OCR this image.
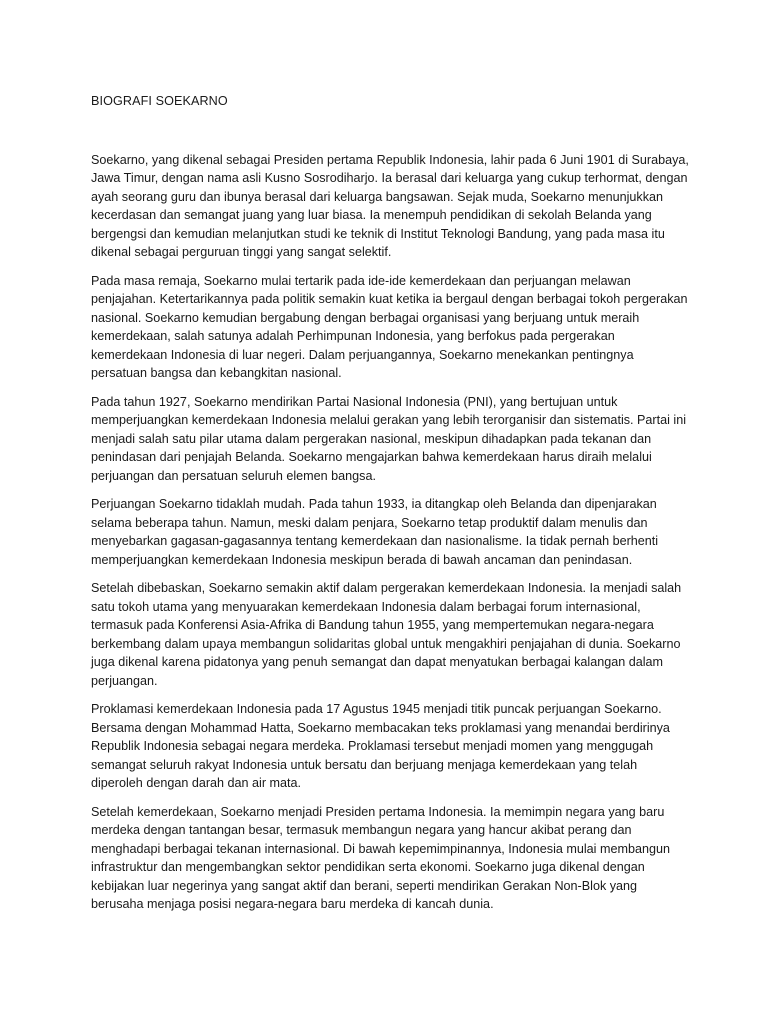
BIOGRAFI SOEKARNO

Soekarno, yang dikenal sebagai Presiden pertama Republik Indonesia, lahir pada 6 Juni 1901 di Surabaya, Jawa Timur, dengan nama asli Kusno Sosrodiharjo. Ia berasal dari keluarga yang cukup terhormat, dengan ayah seorang guru dan ibunya berasal dari keluarga bangsawan. Sejak muda, Soekarno menunjukkan kecerdasan dan semangat juang yang luar biasa. Ia menempuh pendidikan di sekolah Belanda yang bergengsi dan kemudian melanjutkan studi ke teknik di Institut Teknologi Bandung, yang pada masa itu dikenal sebagai perguruan tinggi yang sangat selektif.

Pada masa remaja, Soekarno mulai tertarik pada ide-ide kemerdekaan dan perjuangan melawan penjajahan. Ketertarikannya pada politik semakin kuat ketika ia bergaul dengan berbagai tokoh pergerakan nasional. Soekarno kemudian bergabung dengan berbagai organisasi yang berjuang untuk meraih kemerdekaan, salah satunya adalah Perhimpunan Indonesia, yang berfokus pada pergerakan kemerdekaan Indonesia di luar negeri. Dalam perjuangannya, Soekarno menekankan pentingnya persatuan bangsa dan kebangkitan nasional.

Pada tahun 1927, Soekarno mendirikan Partai Nasional Indonesia (PNI), yang bertujuan untuk memperjuangkan kemerdekaan Indonesia melalui gerakan yang lebih terorganisir dan sistematis. Partai ini menjadi salah satu pilar utama dalam pergerakan nasional, meskipun dihadapkan pada tekanan dan penindasan dari penjajah Belanda. Soekarno mengajarkan bahwa kemerdekaan harus diraih melalui perjuangan dan persatuan seluruh elemen bangsa.

Perjuangan Soekarno tidaklah mudah. Pada tahun 1933, ia ditangkap oleh Belanda dan dipenjarakan selama beberapa tahun. Namun, meski dalam penjara, Soekarno tetap produktif dalam menulis dan menyebarkan gagasan-gagasannya tentang kemerdekaan dan nasionalisme. Ia tidak pernah berhenti memperjuangkan kemerdekaan Indonesia meskipun berada di bawah ancaman dan penindasan.

Setelah dibebaskan, Soekarno semakin aktif dalam pergerakan kemerdekaan Indonesia. Ia menjadi salah satu tokoh utama yang menyuarakan kemerdekaan Indonesia dalam berbagai forum internasional, termasuk pada Konferensi Asia-Afrika di Bandung tahun 1955, yang mempertemukan negara-negara berkembang dalam upaya membangun solidaritas global untuk mengakhiri penjajahan di dunia. Soekarno juga dikenal karena pidatonya yang penuh semangat dan dapat menyatukan berbagai kalangan dalam perjuangan.

Proklamasi kemerdekaan Indonesia pada 17 Agustus 1945 menjadi titik puncak perjuangan Soekarno. Bersama dengan Mohammad Hatta, Soekarno membacakan teks proklamasi yang menandai berdirinya Republik Indonesia sebagai negara merdeka. Proklamasi tersebut menjadi momen yang menggugah semangat seluruh rakyat Indonesia untuk bersatu dan berjuang menjaga kemerdekaan yang telah diperoleh dengan darah dan air mata.

Setelah kemerdekaan, Soekarno menjadi Presiden pertama Indonesia. Ia memimpin negara yang baru merdeka dengan tantangan besar, termasuk membangun negara yang hancur akibat perang dan menghadapi berbagai tekanan internasional. Di bawah kepemimpinannya, Indonesia mulai membangun infrastruktur dan mengembangkan sektor pendidikan serta ekonomi. Soekarno juga dikenal dengan kebijakan luar negerinya yang sangat aktif dan berani, seperti mendirikan Gerakan Non-Blok yang berusaha menjaga posisi negara-negara baru merdeka di kancah dunia.
